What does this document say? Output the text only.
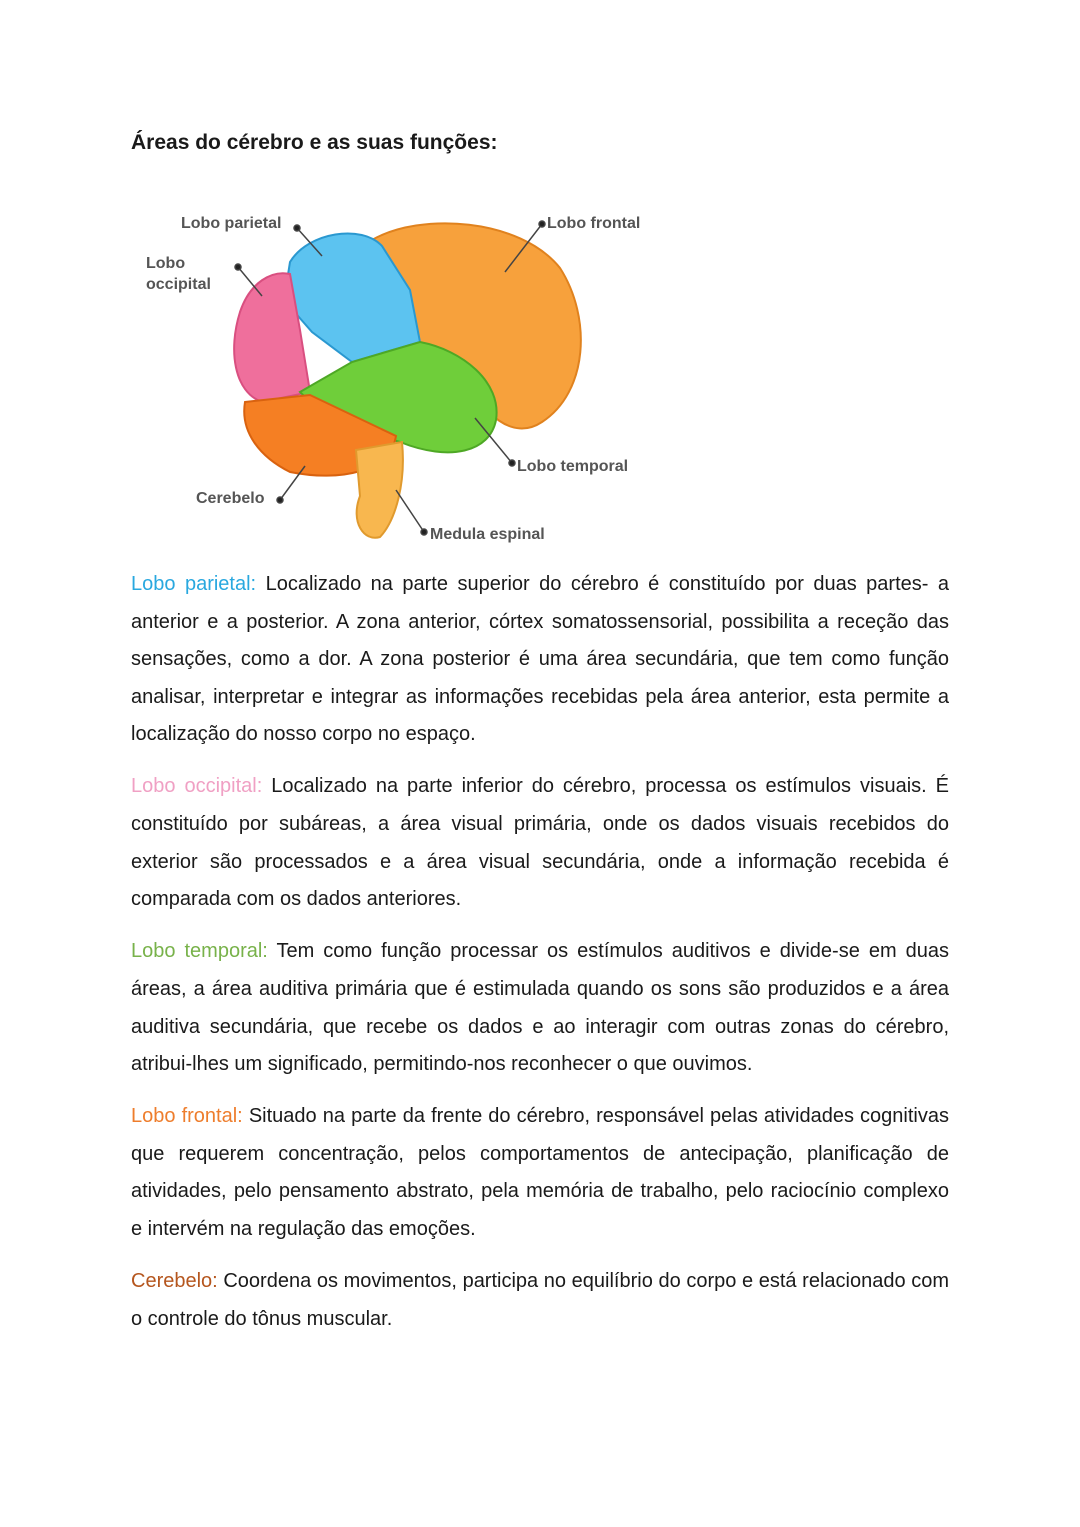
Áreas do cérebro e as suas funções:
Lobo parietal
Lobo
occipital
Lobo frontal
Lobo temporal
Cerebelo
Medula espinal

Lobo parietal: Localizado na parte superior do cérebro é constituído por duas partes- a anterior e a posterior. A zona anterior, córtex somatossensorial, possibilita a receção das sensações, como a dor. A zona posterior é uma área secundária, que tem como função analisar, interpretar e integrar as informações recebidas pela área anterior, esta permite a localização do nosso corpo no espaço.

Lobo occipital: Localizado na parte inferior do cérebro, processa os estímulos visuais. É constituído por subáreas, a área visual primária, onde os dados visuais recebidos do exterior são processados e a área visual secundária, onde a informação recebida é comparada com os dados anteriores.

Lobo temporal: Tem como função processar os estímulos auditivos e divide-se em duas áreas, a área auditiva primária que é estimulada quando os sons são produzidos e a área auditiva secundária, que recebe os dados e ao interagir com outras zonas do cérebro, atribui-lhes um significado, permitindo-nos reconhecer o que ouvimos.

Lobo frontal: Situado na parte da frente do cérebro, responsável pelas atividades cognitivas que requerem concentração, pelos comportamentos de antecipação, planificação de atividades, pelo pensamento abstrato, pela memória de trabalho, pelo raciocínio complexo e intervém na regulação das emoções.

Cerebelo: Coordena os movimentos, participa no equilíbrio do corpo e está relacionado com o controle do tônus muscular.
